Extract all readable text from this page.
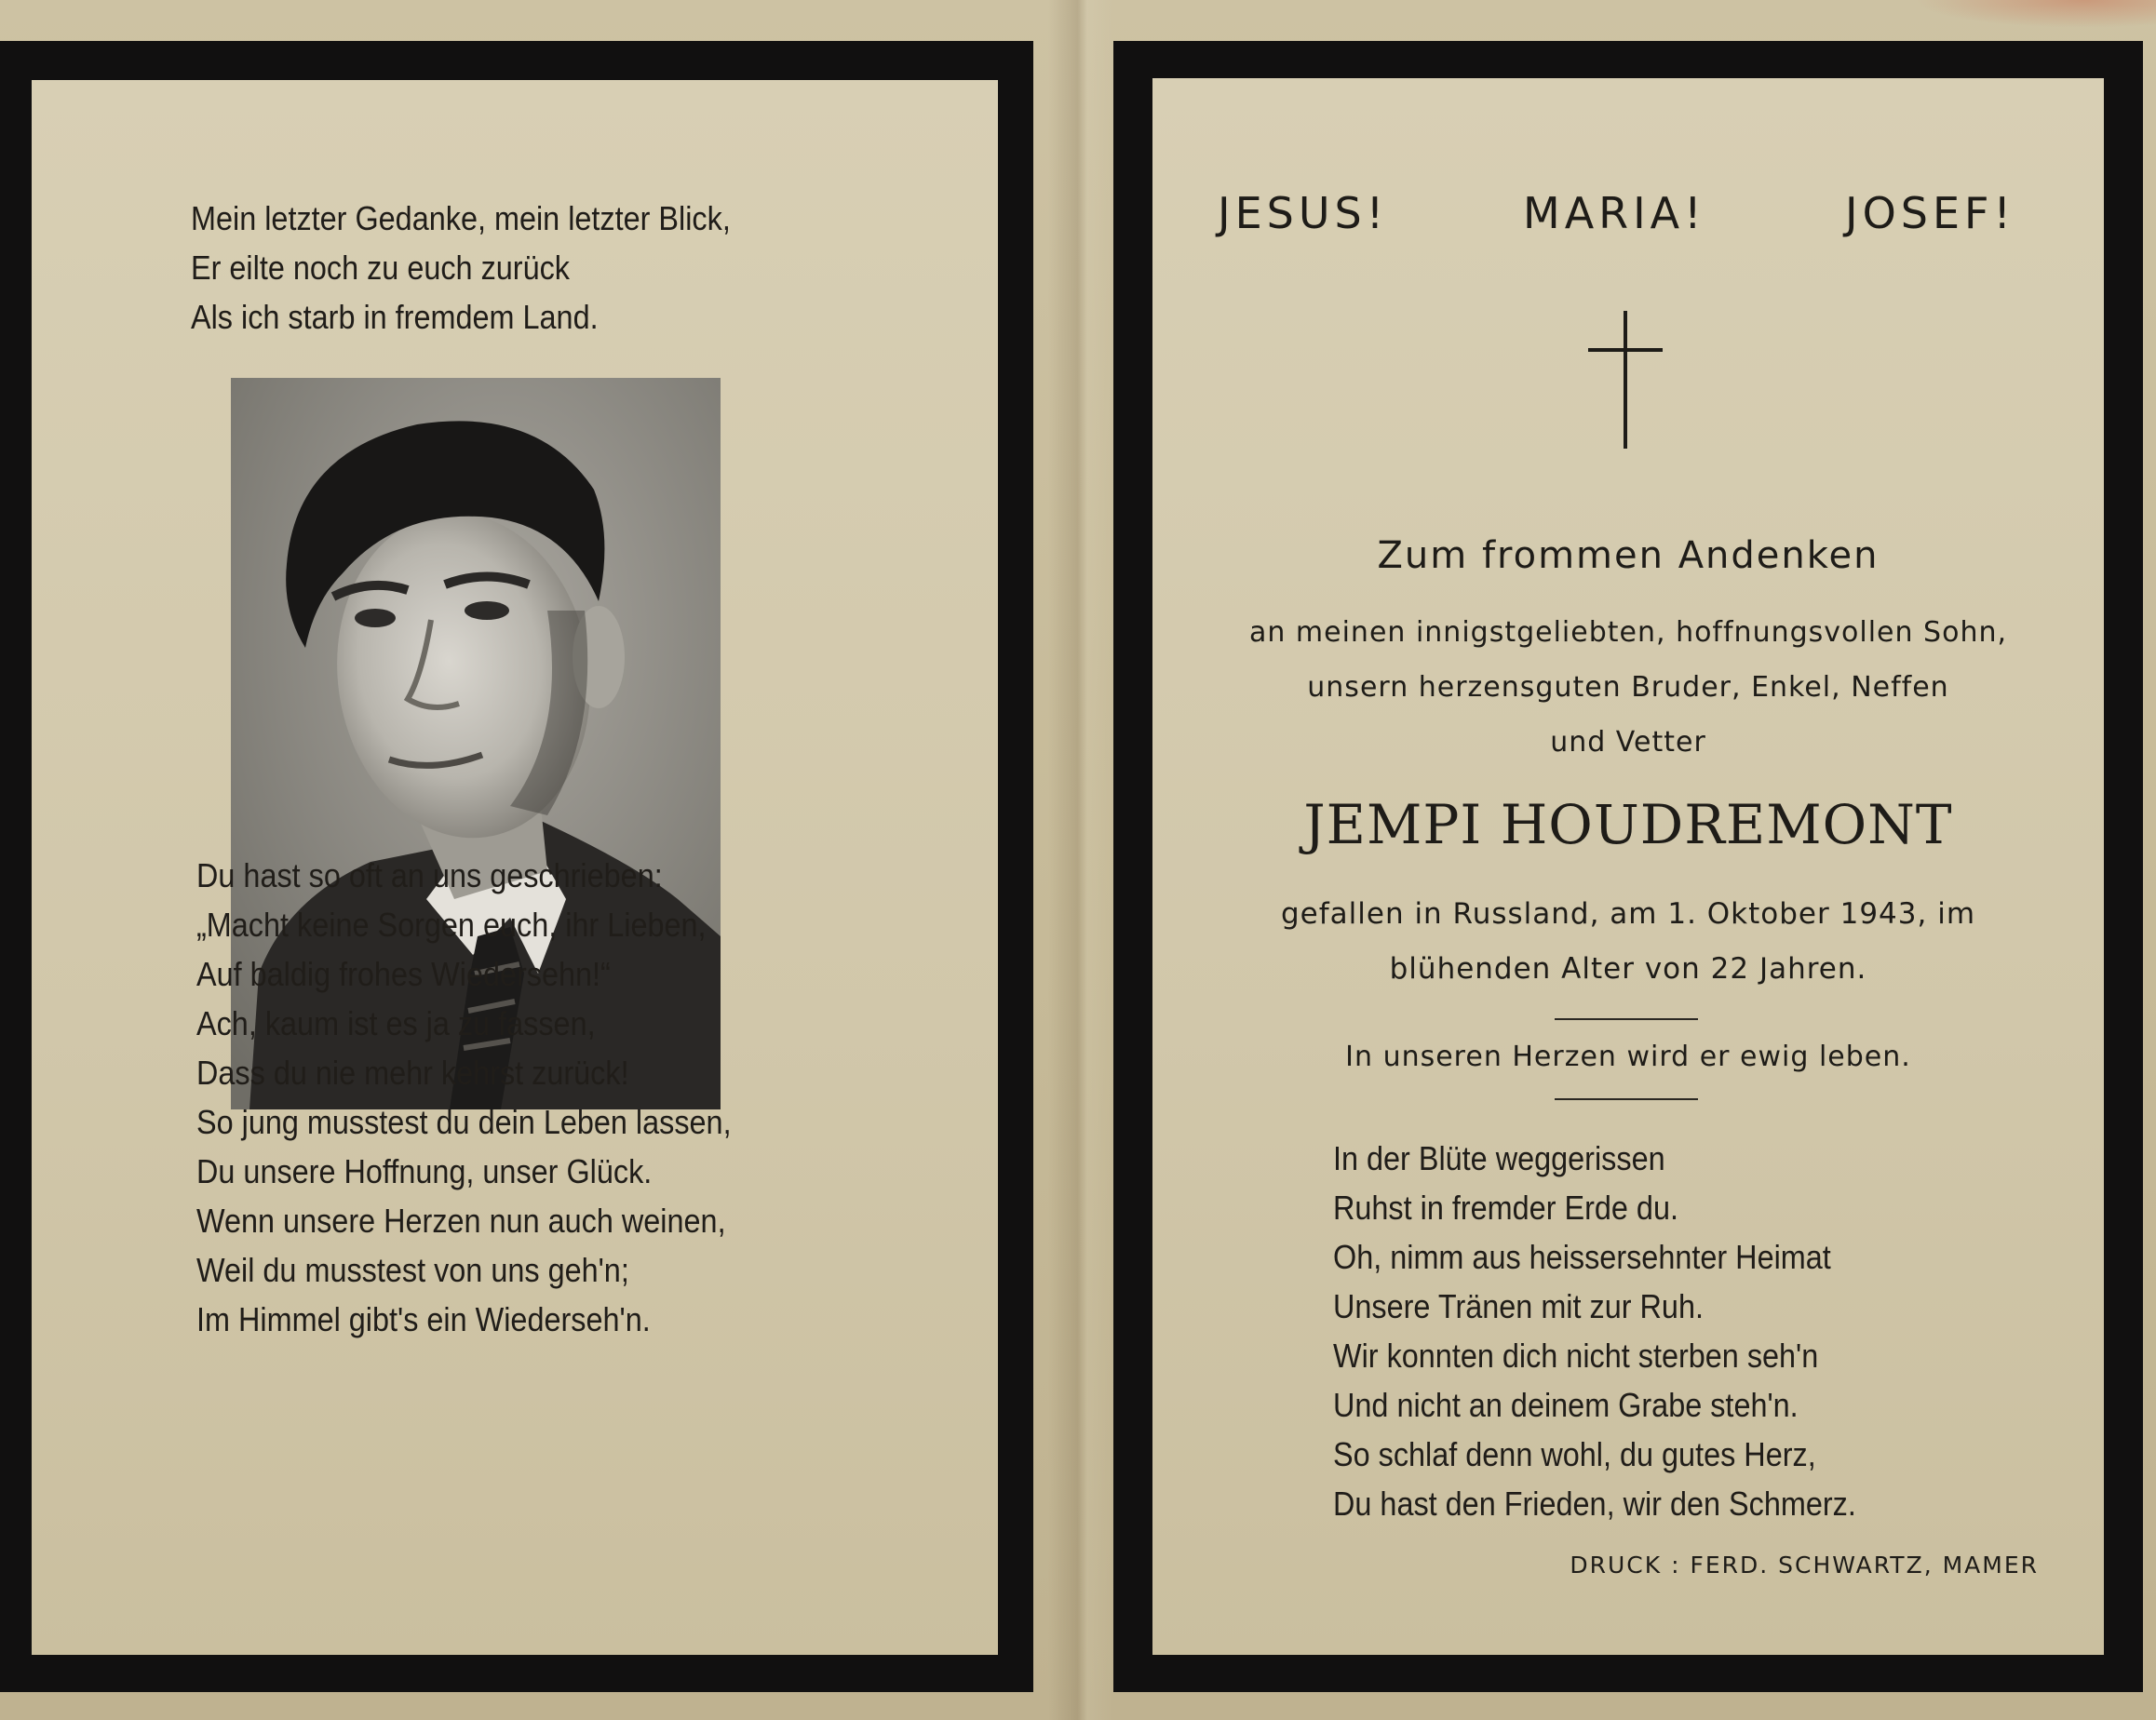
Mein letzter Gedanke, mein letzter Blick,
Er eilte noch zu euch zurück
Als ich starb in fremdem Land.
Du hast so oft an uns geschrieben:
„Macht keine Sorgen euch, ihr Lieben,
Auf baldig frohes Wiedersehn!“
Ach, kaum ist es ja zu fassen,
Dass du nie mehr kehrst zurück!
So jung musstest du dein Leben lassen,
Du unsere Hoffnung, unser Glück.
Wenn unsere Herzen nun auch weinen,
Weil du musstest von uns geh'n;
Im Himmel gibt's ein Wiederseh'n.
JESUS!	MARIA!	JOSEF!
Zum frommen Andenken
an meinen innigstgeliebten, hoffnungsvollen Sohn,
unsern herzensguten Bruder, Enkel, Neffen
und Vetter
JEMPI HOUDREMONT
gefallen in Russland, am 1. Oktober 1943, im
blühenden Alter von 22 Jahren.
In unseren Herzen wird er ewig leben.
In der Blüte weggerissen
Ruhst in fremder Erde du.
Oh, nimm aus heissersehnter Heimat
Unsere Tränen mit zur Ruh.
Wir konnten dich nicht sterben seh'n
Und nicht an deinem Grabe steh'n.
So schlaf denn wohl, du gutes Herz,
Du hast den Frieden, wir den Schmerz.
DRUCK : FERD. SCHWARTZ, MAMER
